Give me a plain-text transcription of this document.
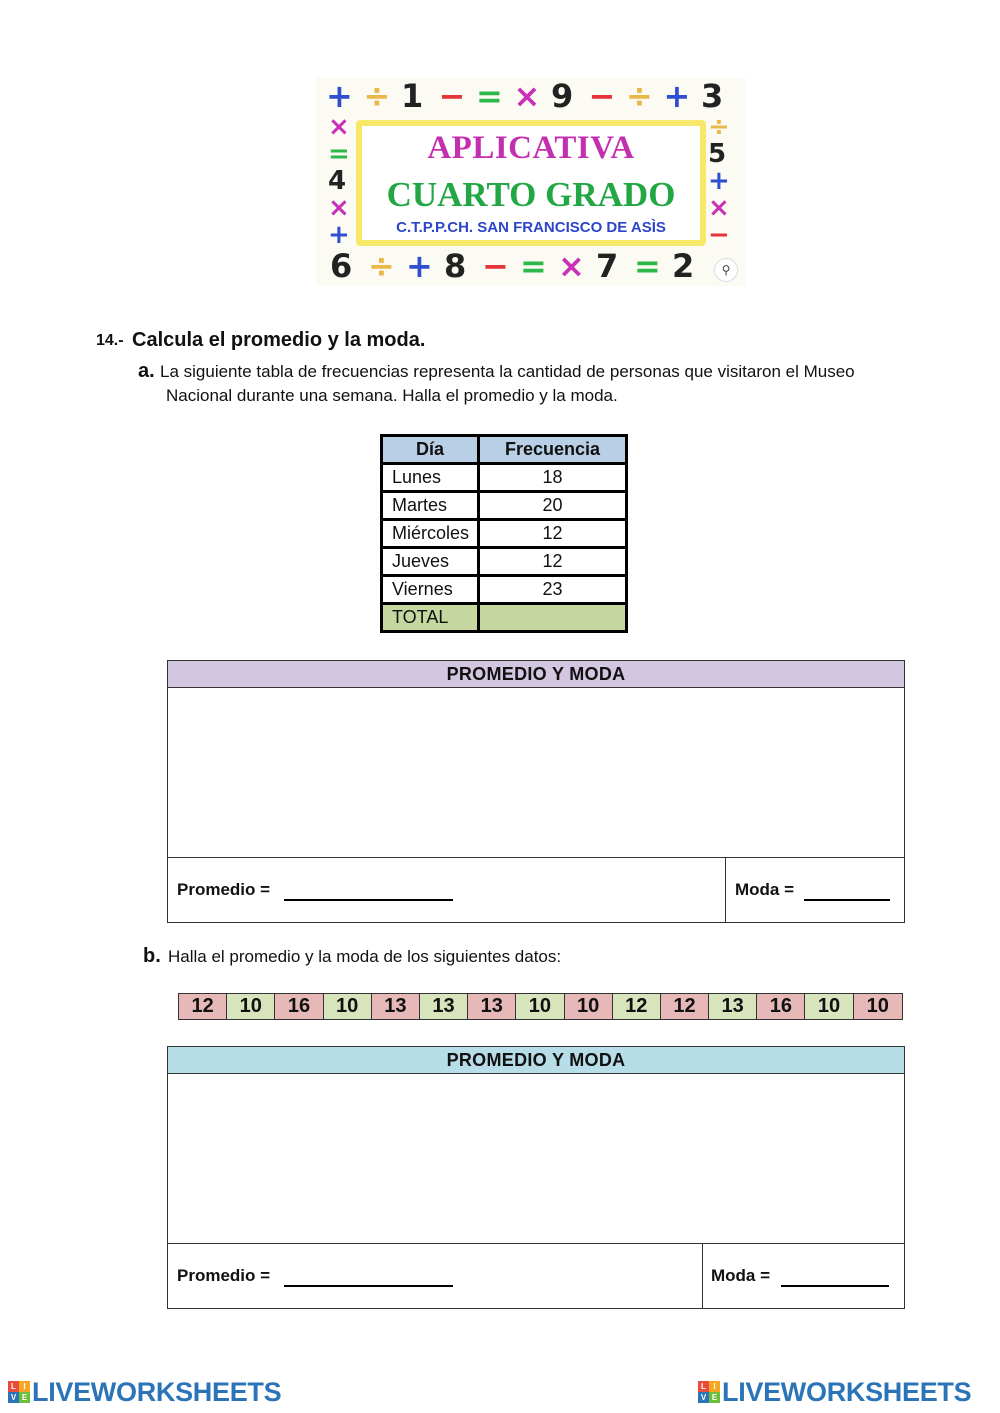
+ ÷ 1 − = × 9 − ÷ + 3
6 ÷ + 8 − = × 7 = 2
×
=
4
×
+
÷
5
+
×
−
APLICATIVA
CUARTO GRADO
C.T.P.P.CH. SAN FRANCISCO DE ASÌS
⚲
14.- Calcula el promedio y la moda.
a. La siguiente tabla de frecuencias representa la cantidad de personas que visitaron el Museo
Nacional durante una semana. Halla el promedio y la moda.
Día	Frecuencia
Lunes	18
Martes	20
Miércoles	12
Jueves	12
Viernes	23
TOTAL	
PROMEDIO Y MODA
Promedio =	Moda =
b. Halla el promedio y la moda de los siguientes datos:
12	10	16	10	13	13	13	10	10	12	12	13	16	10	10
PROMEDIO Y MODA
Promedio =	Moda =
L I
V E LIVEWORKSHEETS	L I
V E LIVEWORKSHEETS
